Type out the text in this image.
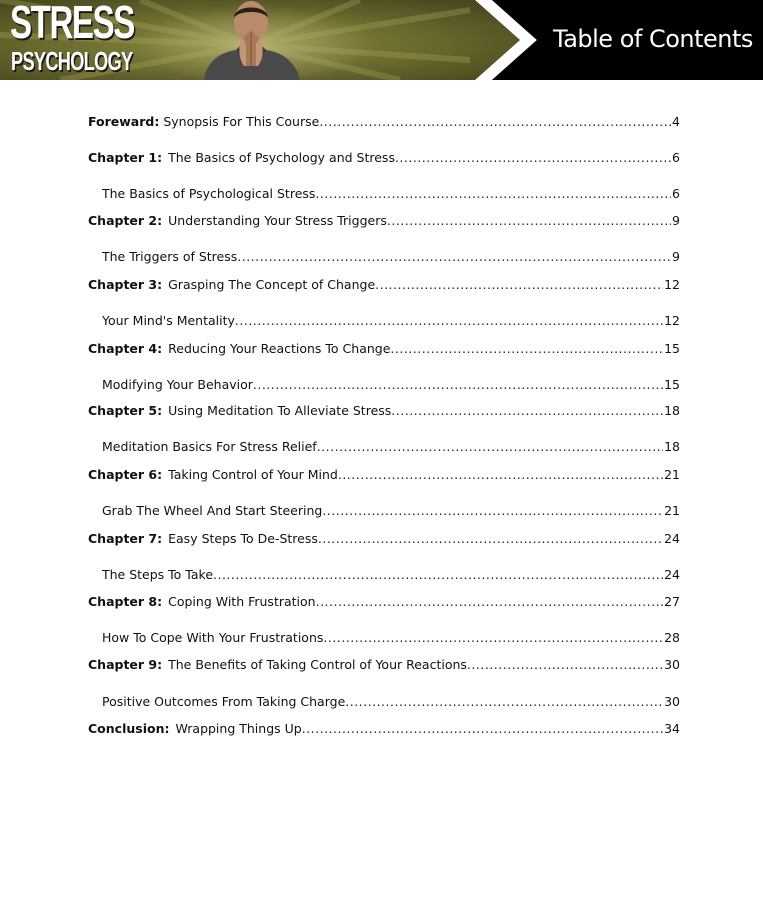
STRESS
PSYCHOLOGY
Table of Contents
Foreward: Synopsis For This Course .....	4
Chapter 1: The Basics of Psychology and Stress .....	6
The Basics of Psychological Stress .....	6
Chapter 2: Understanding Your Stress Triggers .....	9
The Triggers of Stress .....	9
Chapter 3: Grasping The Concept of Change .....	12
Your Mind's Mentality .....	12
Chapter 4: Reducing Your Reactions To Change .....	15
Modifying Your Behavior .....	15
Chapter 5: Using Meditation To Alleviate Stress .....	18
Meditation Basics For Stress Relief .....	18
Chapter 6: Taking Control of Your Mind .....	21
Grab The Wheel And Start Steering .....	21
Chapter 7: Easy Steps To De-Stress .....	24
The Steps To Take .....	24
Chapter 8: Coping With Frustration .....	27
How To Cope With Your Frustrations .....	28
Chapter 9: The Benefits of Taking Control of Your Reactions .....	30
Positive Outcomes From Taking Charge .....	30
Conclusion: Wrapping Things Up .....	34
